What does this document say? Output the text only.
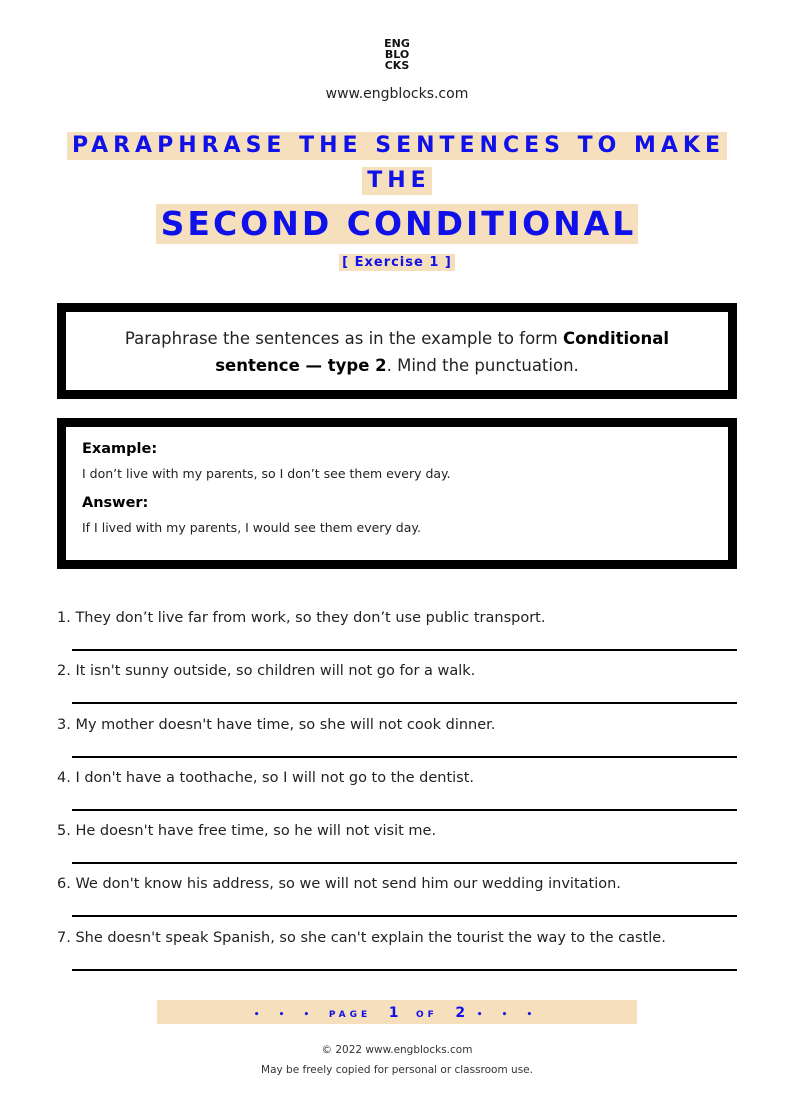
ENG
BLO
CKS
www.engblocks.com
PARAPHRASE THE SENTENCES TO MAKE
THE
SECOND CONDITIONAL
[ Exercise 1 ]
Paraphrase the sentences as in the example to form Conditional sentence — type 2. Mind the punctuation.
Example:
I don’t live with my parents, so I don’t see them every day.
Answer:
If I lived with my parents, I would see them every day.
1. They don’t live far from work, so they don’t use public transport.
2. It isn't sunny outside, so children will not go for a walk.
3. My mother doesn't have time, so she will not cook dinner.
4. I don't have a toothache, so I will not go to the dentist.
5. He doesn't have free time, so he will not visit me.
6. We don't know his address, so we will not send him our wedding invitation.
7. She doesn't speak Spanish, so she can't explain the tourist the way to the castle.
• • • PAGE 1 OF 2 • • •
© 2022 www.engblocks.com
May be freely copied for personal or classroom use.
